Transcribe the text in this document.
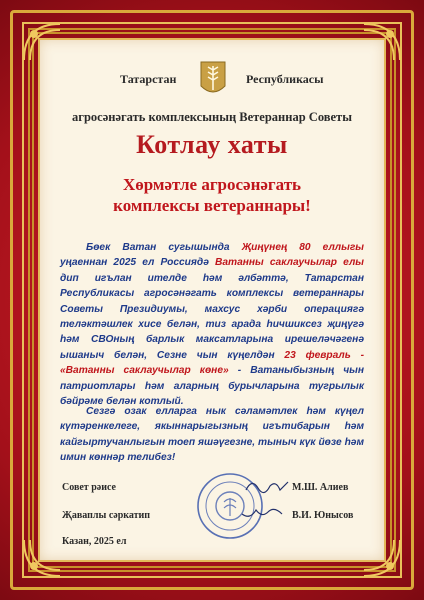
Татарстан	Республикасы
агросәнәгать комплексының Ветераннар Советы
Котлау хаты
Хөрмәтле агросәнәгать
комплексы ветераннары!
Бөек Ватан сугышында Җиңүнең 80 еллыгы уңаеннан 2025 ел Россиядә Ватанны саклаучылар елы дип игълан ителде һәм әлбәттә, Татарстан Республикасы агросәнәгать комплексы ветераннары Советы Президиумы, махсус хәрби операциягә теләктәшлек хисе белән, тиз арада һичшиксез җиңүгә һәм СВОның барлык максатларына ирешеләчәгенә ышаныч белән, Сезне чын күңелдән 23 февраль - «Ватанны саклаучылар көне» - Ватаныбызның чын патриотлары һәм аларның бурычларына тугрылык бәйрәме белән котлый.
Сезгә озак елларга нык сәламәтлек һәм күңел күтәренкелеге, якыннарыгызның игътибарын һәм кайгыртучанлыгын тоеп яшәүгезне, тыныч күк йөзе һәм имин көннәр телибез!
Совет рәисе	М.Ш. Алиев
Җаваплы сәркатип	В.И. Юнысов
Казан, 2025 ел
